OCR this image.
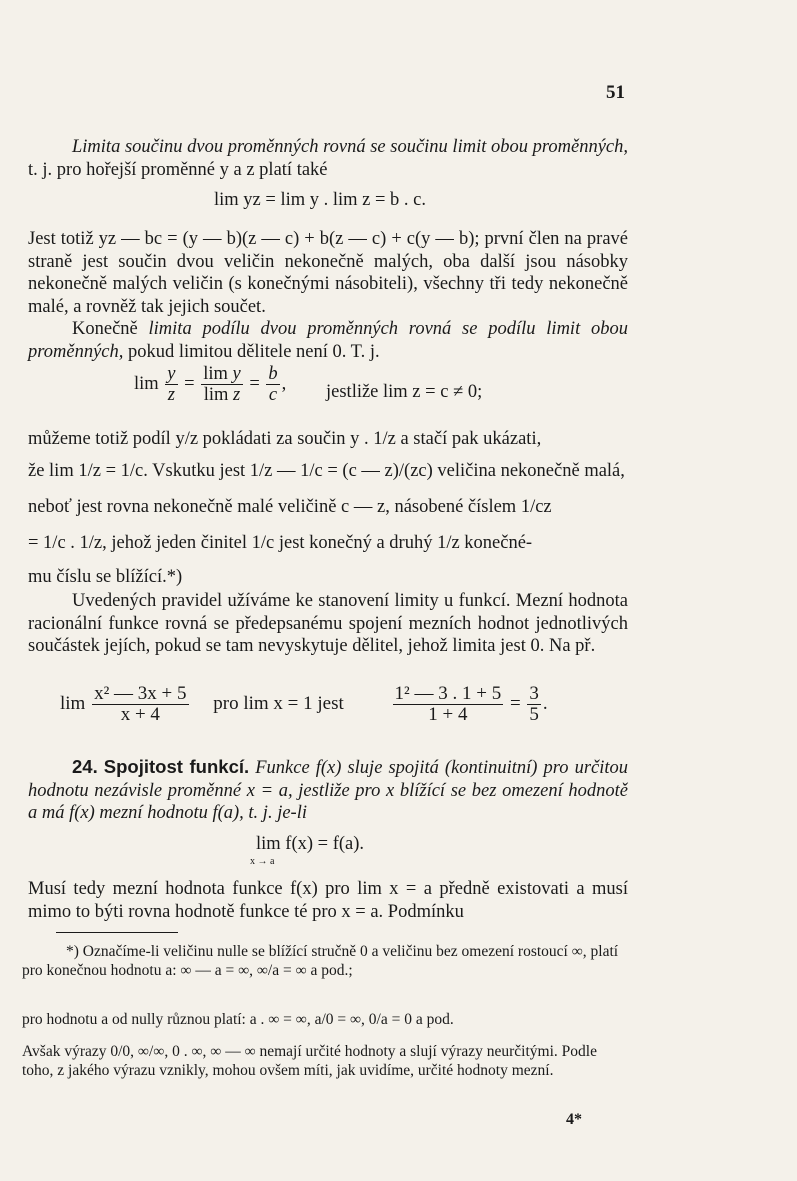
51
Limita součinu dvou proměnných rovná se součinu limit obou proměnných, t. j. pro hořejší proměnné y a z platí také
lim yz = lim y . lim z = b . c.
Jest totiž yz — bc = (y — b)(z — c) + b(z — c) + c(y — b); první člen na pravé straně jest součin dvou veličin nekonečně malých, oba další jsou násobky nekonečně malých veličin (s konečnými násobiteli), všechny tři tedy nekonečně malé, a rovněž tak jejich součet.
Konečně limita podílu dvou proměnných rovná se podílu limit obou proměnných, pokud limitou dělitele není 0. T. j.
$\lim \frac{y}{z} = \frac{\text{lim y}}{\text{lim z}} = \frac{b}{c}$ , jestliže lim z = c ≠ 0;
můžeme totiž podíl y/z pokládati za součin y . 1/z a stačí pak ukázati,
že lim 1/z = 1/c. Vskutku jest 1/z — 1/c = (c — z)/(zc) veličina nekonečně malá,
neboť jest rovna nekonečně malé veličině c — z, násobené číslem 1/cz
= 1/c . 1/z, jehož jeden činitel 1/c jest konečný a druhý 1/z konečné-
mu číslu se blížící.*)
Uvedených pravidel užíváme ke stanovení limity u funkcí. Mezní hodnota racionální funkce rovná se předepsanému spojení mezních hodnot jednotlivých součástek jejích, pokud se tam nevyskytuje dělitel, jehož limita jest 0. Na př.
$\lim \frac{\text{x² — 3x + 5}}{x + 4}$ pro lim x = 1 jest	$\frac{\text{1² — 3 . 1 + 5}}{1 + 4} = \frac{3}{5}$ .
24. Spojitost funkcí. Funkce f(x) sluje spojitá (kontinuitní) pro určitou hodnotu nezávisle proměnné x = a, jestliže pro x blížící se bez omezení hodnotě a má f(x) mezní hodnotu f(a), t. j. je-li
lim f(x) = f(a).
x → a
Musí tedy mezní hodnota funkce f(x) pro lim x = a předně existovati a musí mimo to býti rovna hodnotě funkce té pro x = a. Podmínku
*) Označíme-li veličinu nulle se blížící stručně 0 a veličinu bez omezení rostoucí ∞, platí pro konečnou hodnotu a: ∞ — a = ∞, ∞/a = ∞ a pod.;
pro hodnotu a od nully různou platí: a . ∞ = ∞, a/0 = ∞, 0/a = 0 a pod.
Avšak výrazy 0/0, ∞/∞, 0 . ∞, ∞ — ∞ nemají určité hodnoty a slují výrazy neurčitými. Podle toho, z jakého výrazu vznikly, mohou ovšem míti, jak uvidíme, určité hodnoty mezní.
4*
